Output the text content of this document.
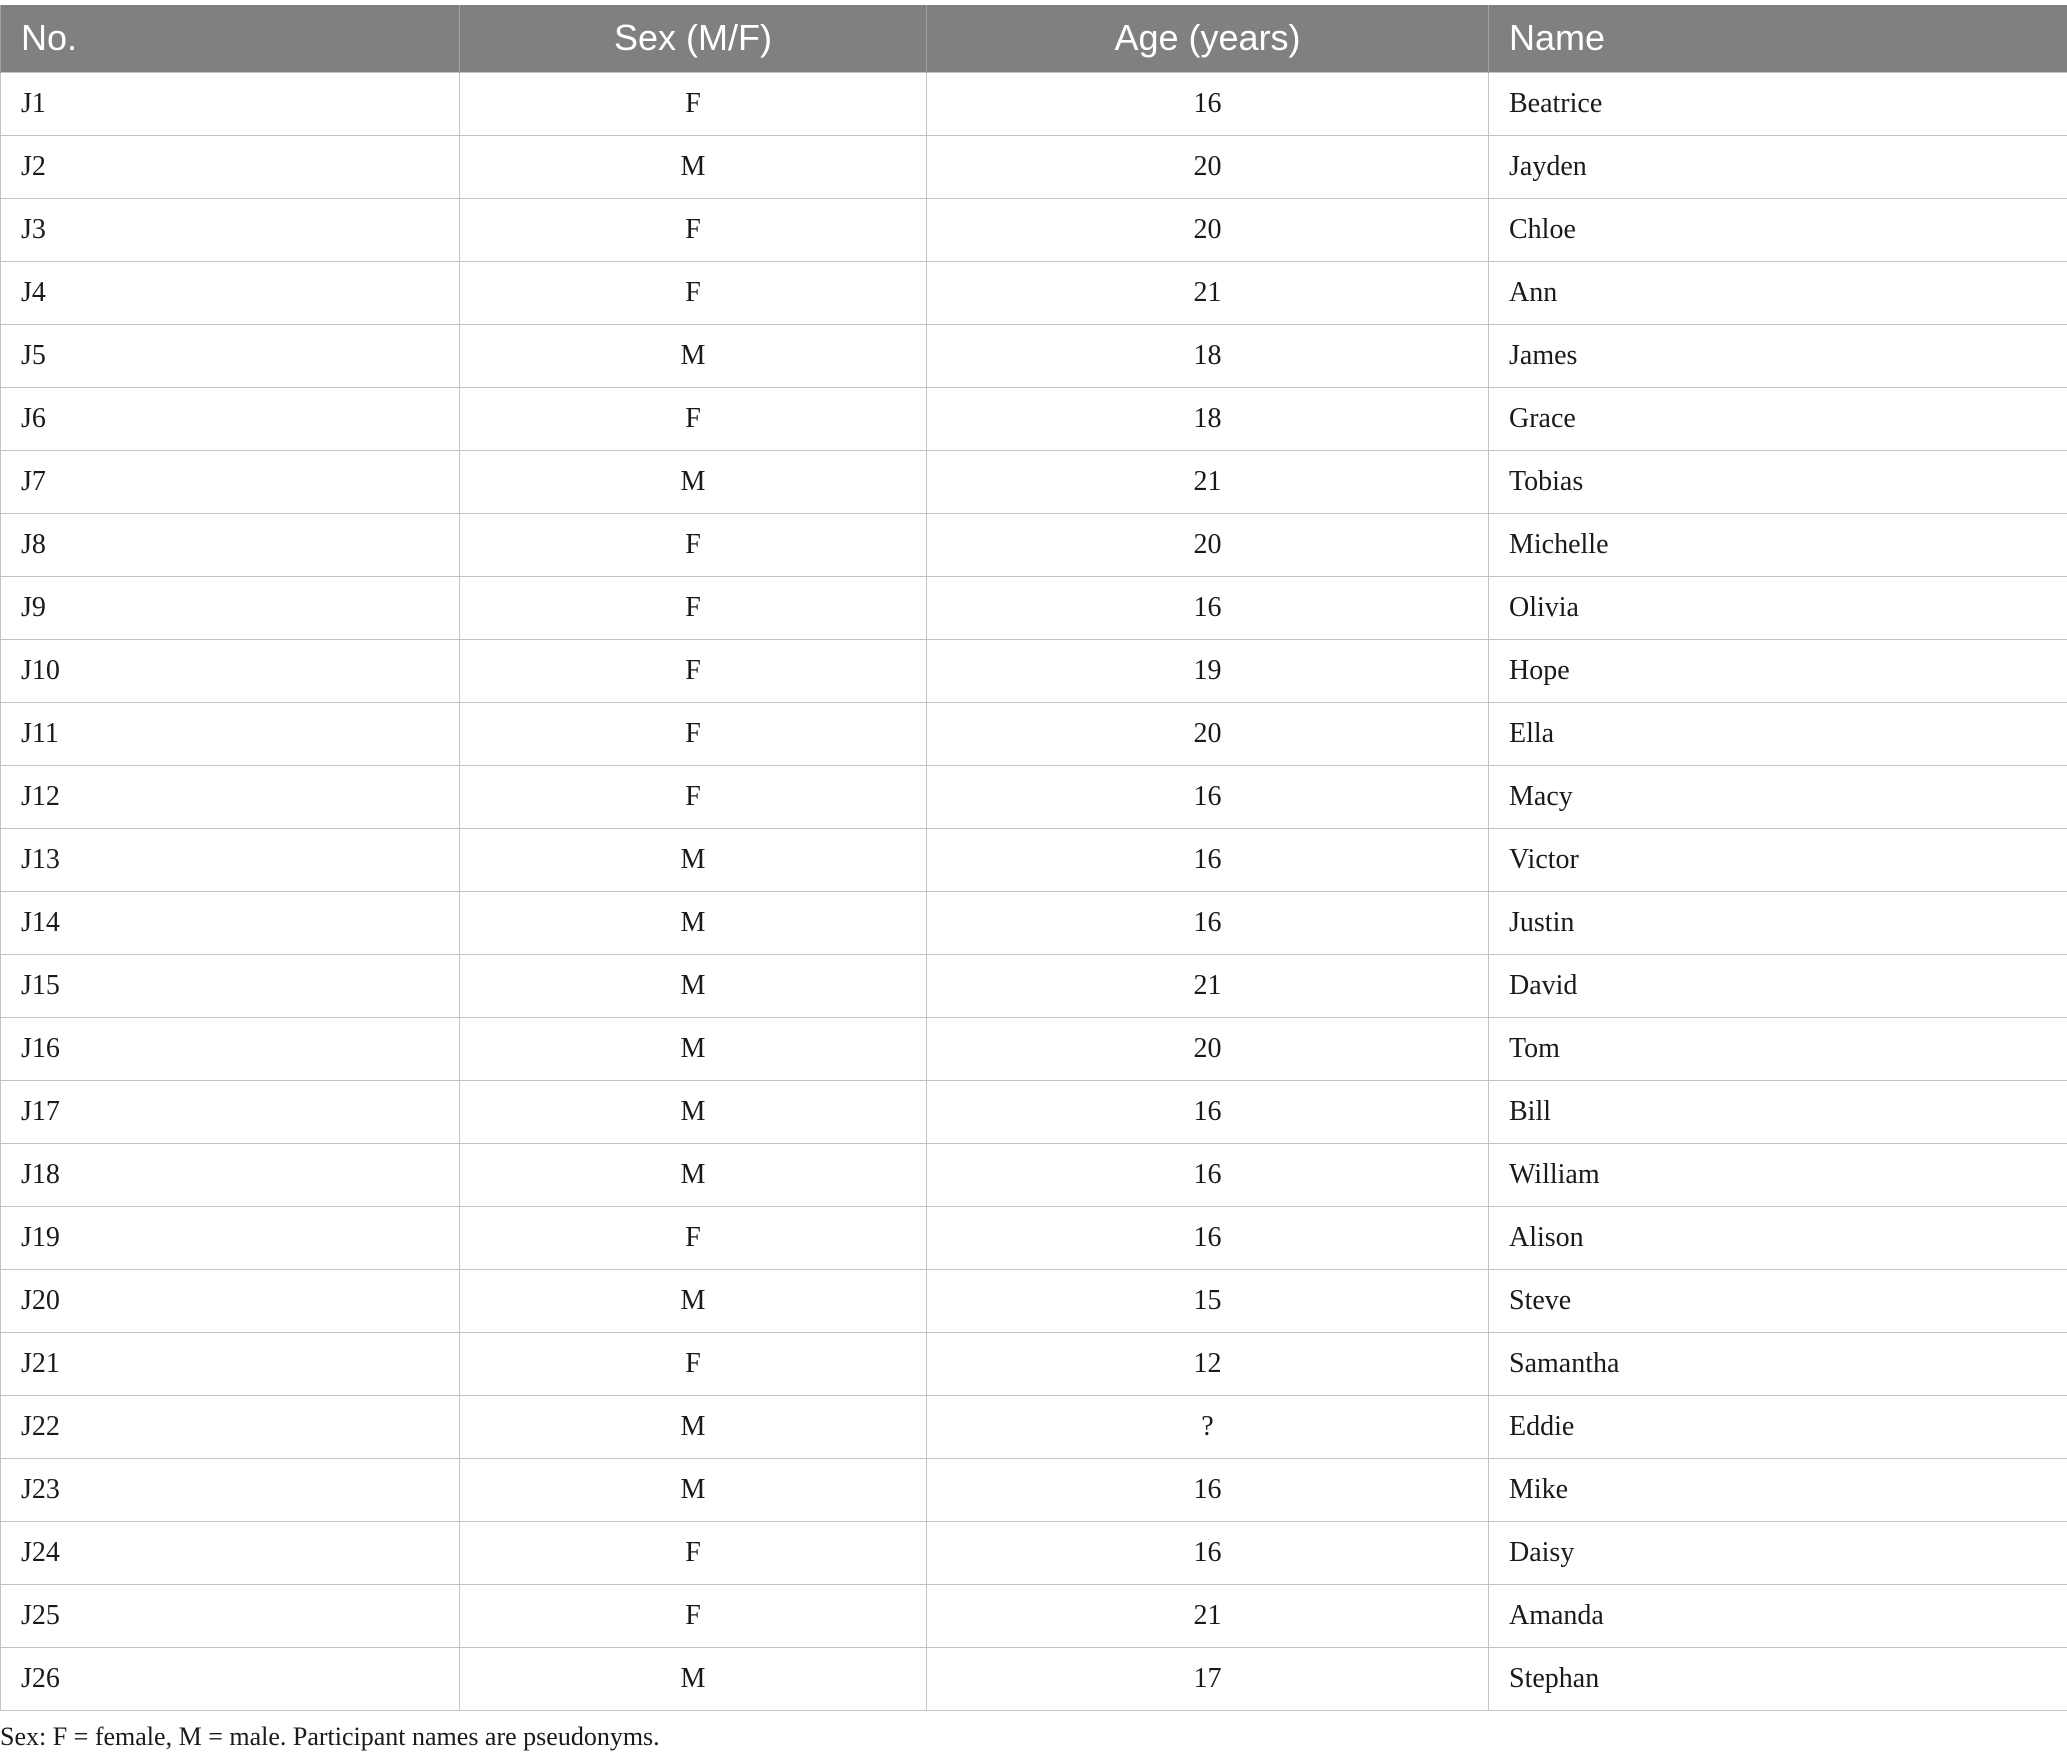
No.	Sex (M/F)	Age (years)	Name
J1	F	16	Beatrice
J2	M	20	Jayden
J3	F	20	Chloe
J4	F	21	Ann
J5	M	18	James
J6	F	18	Grace
J7	M	21	Tobias
J8	F	20	Michelle
J9	F	16	Olivia
J10	F	19	Hope
J11	F	20	Ella
J12	F	16	Macy
J13	M	16	Victor
J14	M	16	Justin
J15	M	21	David
J16	M	20	Tom
J17	M	16	Bill
J18	M	16	William
J19	F	16	Alison
J20	M	15	Steve
J21	F	12	Samantha
J22	M	?	Eddie
J23	M	16	Mike
J24	F	16	Daisy
J25	F	21	Amanda
J26	M	17	Stephan
Sex: F = female, M = male. Participant names are pseudonyms.
